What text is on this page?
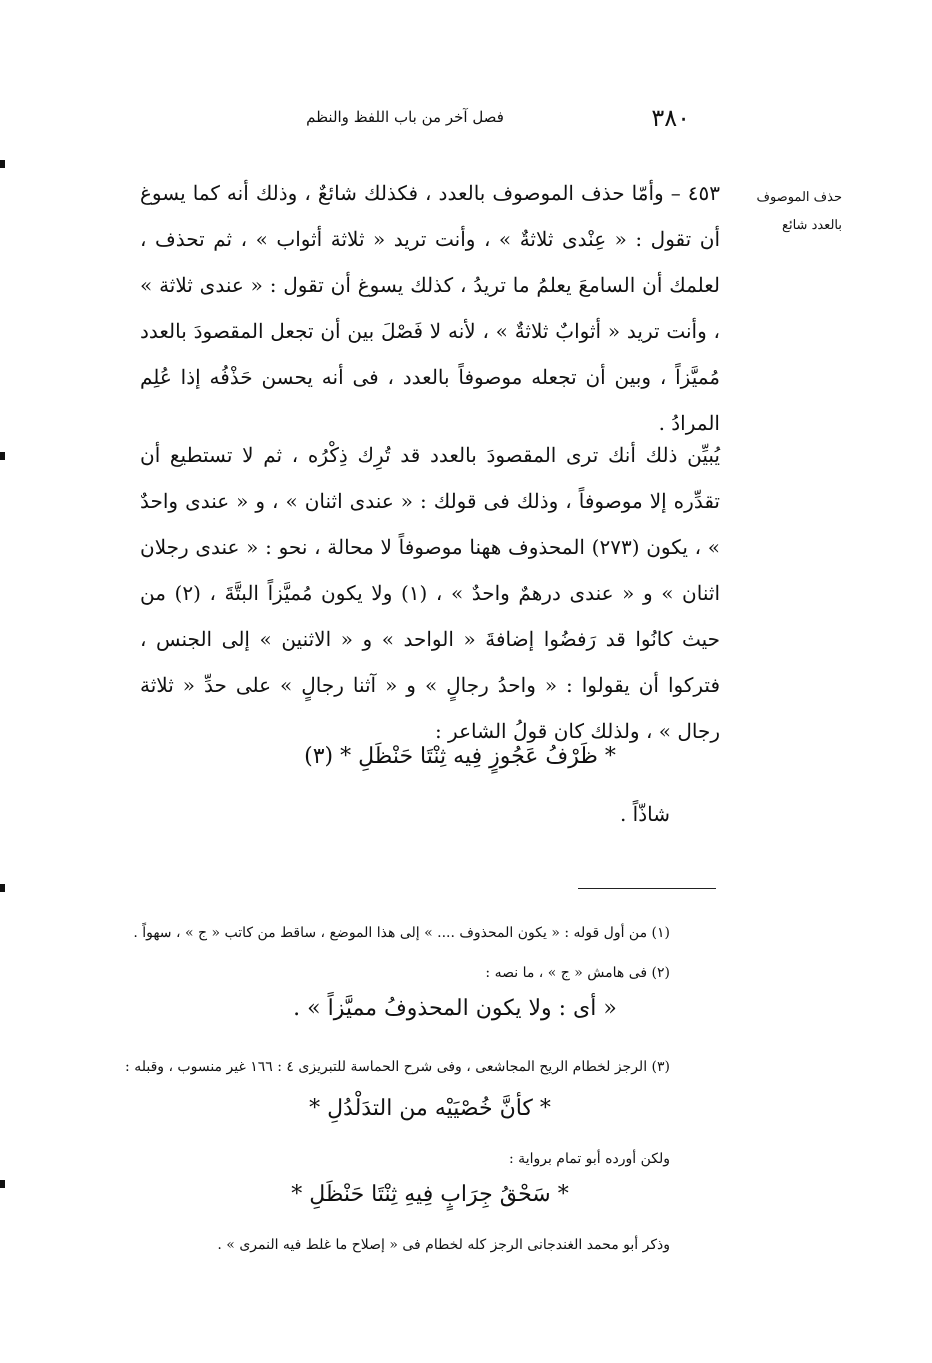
٣٨٠
فصل آخر من باب اللفظ والنظم
حذف الموصوف
بالعدد شائع
٤٥٣ – وأمّا حذف الموصوف بالعدد ، فكذلك شائعٌ ، وذلك أنه كما يسوغ أن تقول : « عِنْدى ثلاثةٌ » ، وأنت تريد « ثلاثة أثواب » ، ثم تحذف ، لعلمك أن السامعَ يعلمُ ما تريدُ ، كذلك يسوغ أن تقول : « عندى ثلاثة » ، وأنت تريد « أثوابٌ ثلاثةٌ » ، لأنه لا فَصْلَ بين أن تجعل المقصودَ بالعدد مُميَّزاً ، وبين أن تجعله موصوفاً بالعدد ، فى أنه يحسن حَذْفُه إذا عُلِم المرادُ .
يُبيِّن ذلك أنك ترى المقصودَ بالعدد قد تُرِك ذِكْرُه ، ثم لا تستطيع أن تقدِّره إلا موصوفاً ، وذلك فى قولك : « عندى اثنان » ، و « عندى واحدٌ » ، يكون (٢٧٣) المحذوف ههنا موصوفاً لا محالة ، نحو : « عندى رجلان اثنان » و « عندى درهمٌ واحدٌ » ، (١) ولا يكون مُميَّزاً البتَّةَ ، (٢) من حيث كانُوا قد رَفضُوا إضافةَ « الواحد » و « الاثنين » إلى الجنس ، فتركوا أن يقولوا : « واحدُ رجالٍ » و « آثنا رجالٍ » على حدِّ « ثلاثة رجال » ، ولذلك كان قولُ الشاعر :
* ظَرْفُ عَجُوزٍ فِيه ثِنْتَا حَنْظَلِ * (٣)
شاذّاً .
(١) من أول قوله : « يكون المحذوف .... » إلى هذا الموضع ، ساقط من كاتب « ج » ، سهواً .
(٢) فى هامش « ج » ، ما نصه :
« أى : ولا يكون المحذوفُ مميَّزاً » .
(٣) الرجز لخطام الريح المجاشعى ، وفى شرح الحماسة للتبريزى ٤ : ١٦٦ غير منسوب ، وقبله :
* كأنَّ خُصْيَيْه من التدَلْدُلِ *
ولكن أورده أبو تمام برواية :
* سَحْقُ جِرَابٍ فِيهِ ثِنْتَا حَنْظَلِ *
وذكر أبو محمد الغندجانى الرجز كله لخطام فى « إصلاح ما غلط فيه النمرى » .
